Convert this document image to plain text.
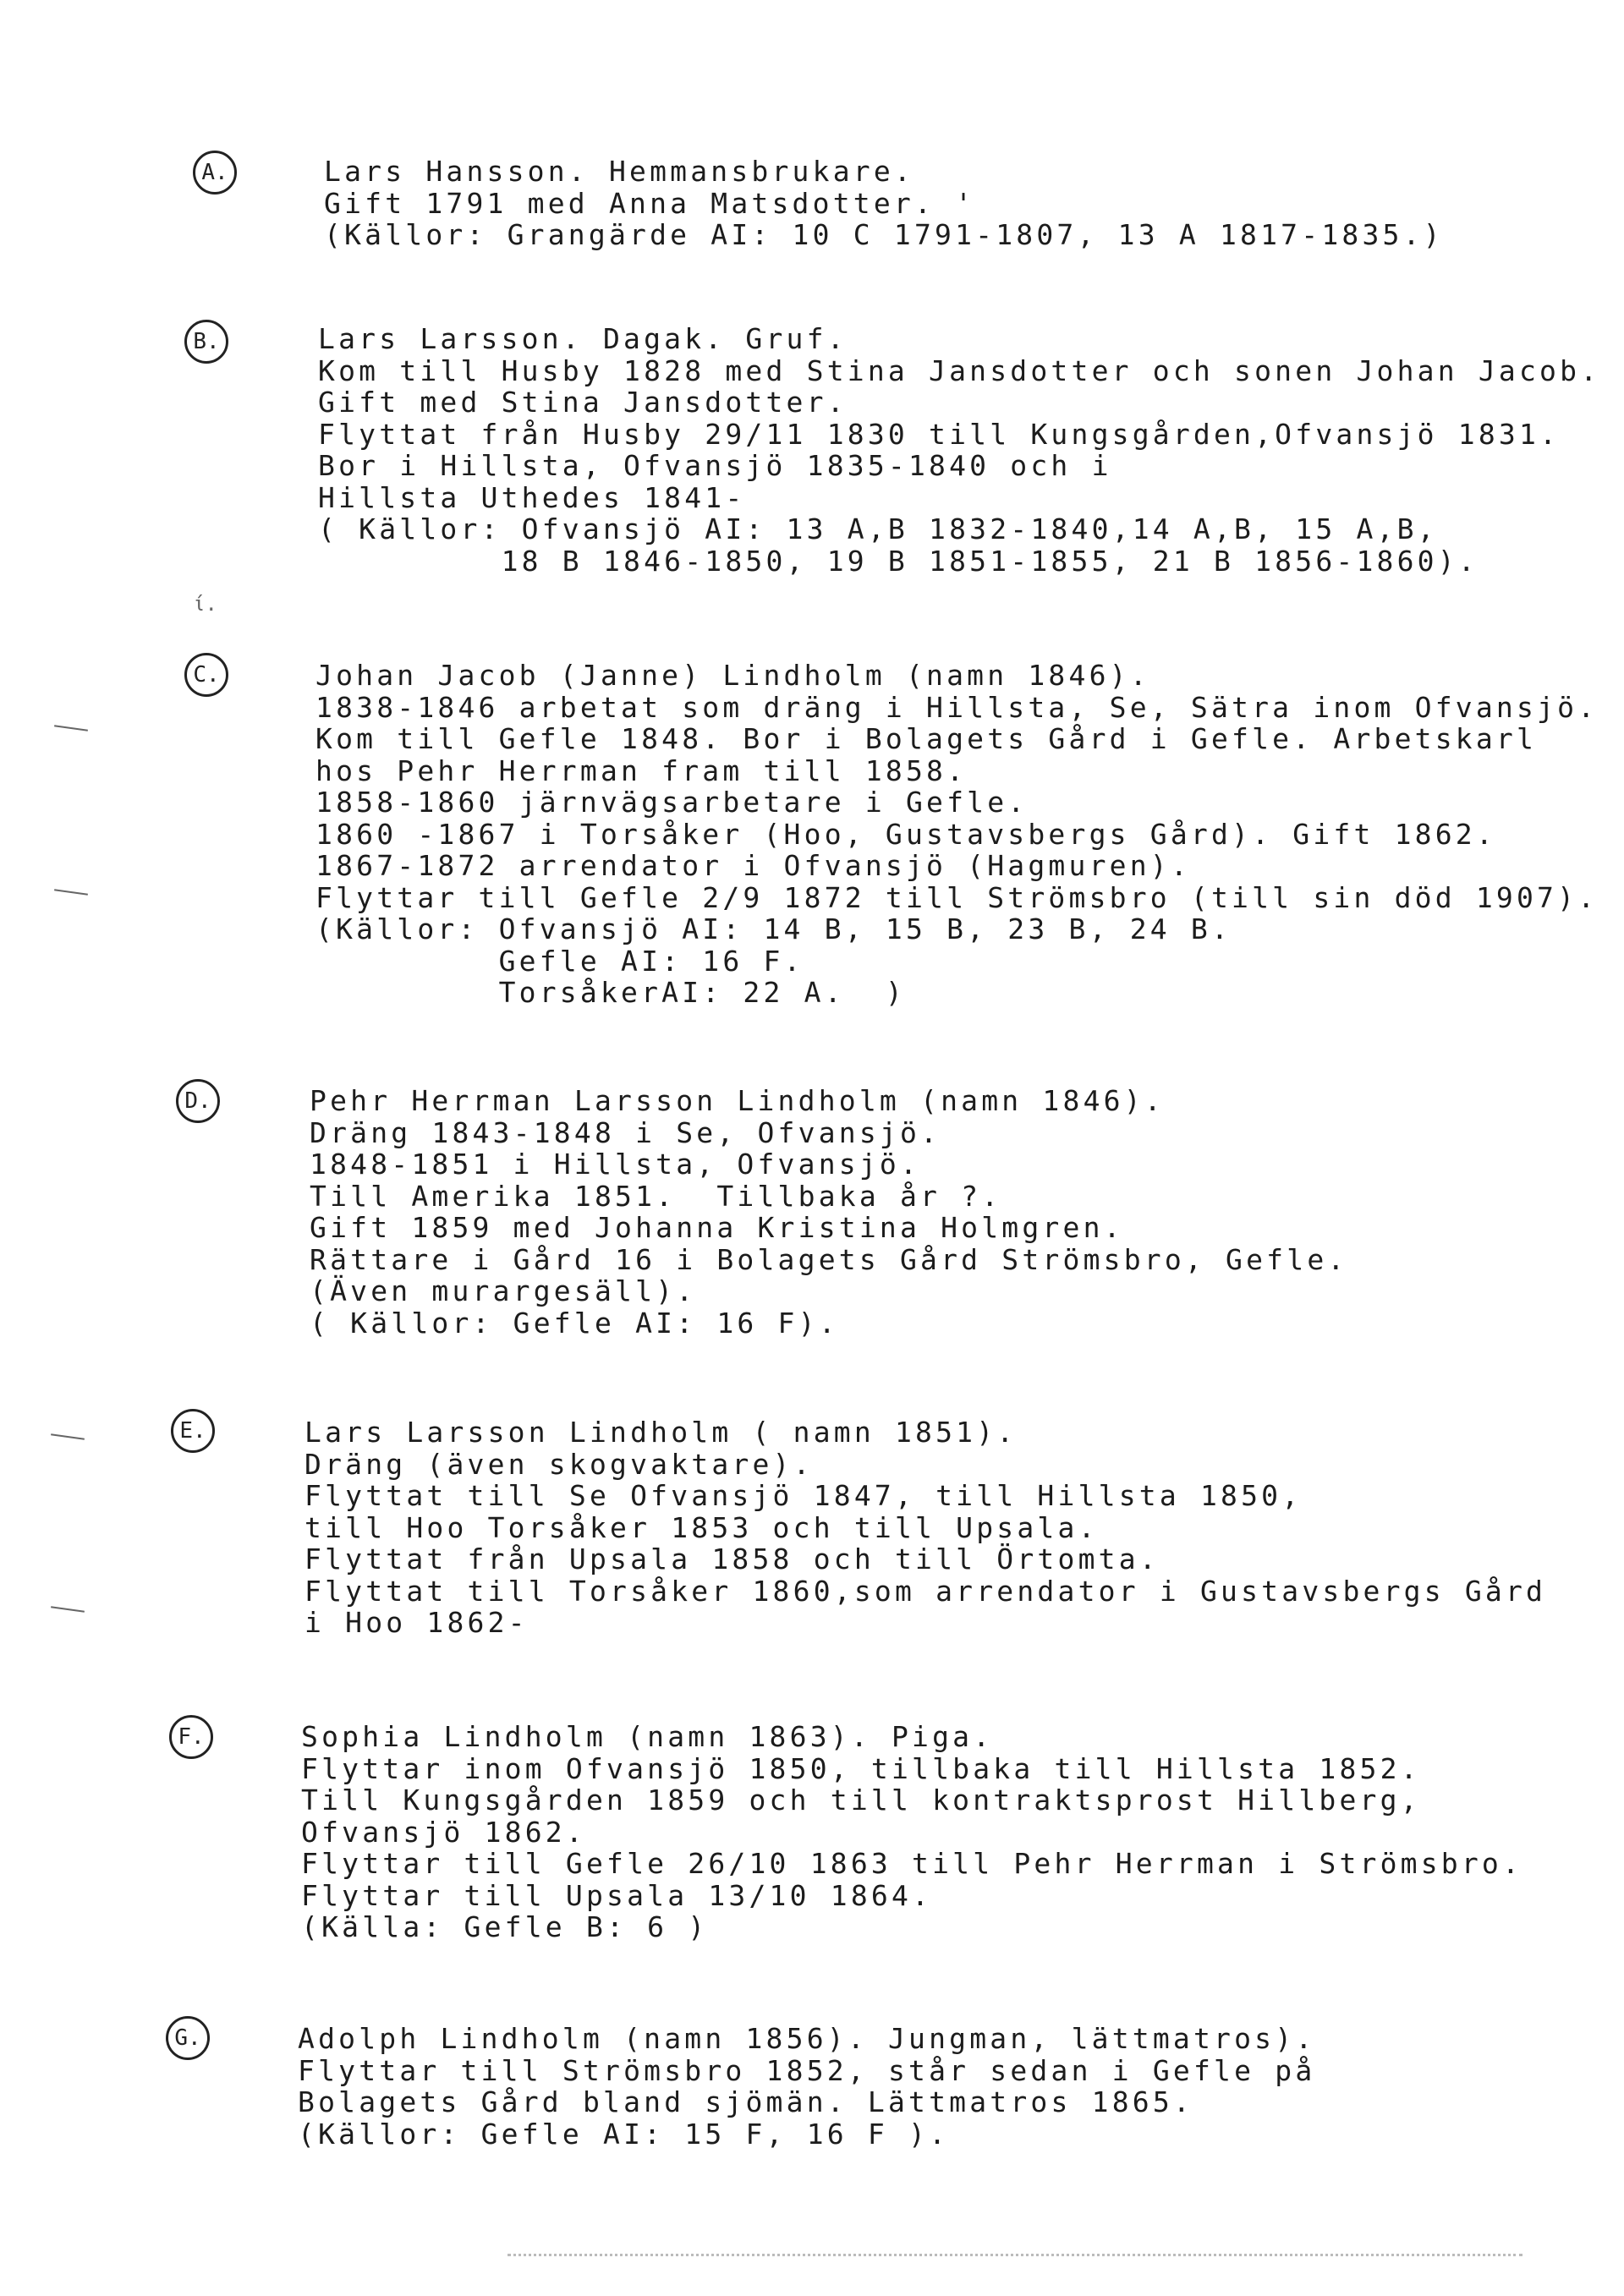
A.	Lars Hansson. Hemmansbrukare.
Gift 1791 med Anna Matsdotter. '
(Källor: Grangärde AI: 10 C 1791-1807, 13 A 1817-1835.)
B.	Lars Larsson. Dagak. Gruf.
Kom till Husby 1828 med Stina Jansdotter och sonen Johan Jacob.
Gift med Stina Jansdotter.
Flyttat från Husby 29/11 1830 till Kungsgården,Ofvansjö 1831.
Bor i Hillsta, Ofvansjö 1835-1840 och i
Hillsta Uthedes 1841-
( Källor: Ofvansjö AI: 13 A,B 1832-1840,14 A,B, 15 A,B,
18 B 1846-1850, 19 B 1851-1855, 21 B 1856-1860).
ί.
C.	Johan Jacob (Janne) Lindholm (namn 1846).
1838-1846 arbetat som dräng i Hillsta, Se, Sätra inom Ofvansjö.
Kom till Gefle 1848. Bor i Bolagets Gård i Gefle. Arbetskarl
hos Pehr Herrman fram till 1858.
1858-1860 järnvägsarbetare i Gefle.
1860 -1867 i Torsåker (Hoo, Gustavsbergs Gård). Gift 1862.
1867-1872 arrendator i Ofvansjö (Hagmuren).
Flyttar till Gefle 2/9 1872 till Strömsbro (till sin död 1907).
(Källor: Ofvansjö AI: 14 B, 15 B, 23 B, 24 B.
Gefle AI: 16 F.
TorsåkerAI: 22 A.  )
D.	Pehr Herrman Larsson Lindholm (namn 1846).
Dräng 1843-1848 i Se, Ofvansjö.
1848-1851 i Hillsta, Ofvansjö.
Till Amerika 1851.  Tillbaka år ?.
Gift 1859 med Johanna Kristina Holmgren.
Rättare i Gård 16 i Bolagets Gård Strömsbro, Gefle.
(Även murargesäll).
( Källor: Gefle AI: 16 F).
E.	Lars Larsson Lindholm ( namn 1851).
Dräng (även skogvaktare).
Flyttat till Se Ofvansjö 1847, till Hillsta 1850,
till Hoo Torsåker 1853 och till Upsala.
Flyttat från Upsala 1858 och till Örtomta.
Flyttat till Torsåker 1860,som arrendator i Gustavsbergs Gård
i Hoo 1862-
F.	Sophia Lindholm (namn 1863). Piga.
Flyttar inom Ofvansjö 1850, tillbaka till Hillsta 1852.
Till Kungsgården 1859 och till kontraktsprost Hillberg,
Ofvansjö 1862.
Flyttar till Gefle 26/10 1863 till Pehr Herrman i Strömsbro.
Flyttar till Upsala 13/10 1864.
(Källa: Gefle B: 6 )
G.	Adolph Lindholm (namn 1856). Jungman, lättmatros).
Flyttar till Strömsbro 1852, står sedan i Gefle på
Bolagets Gård bland sjömän. Lättmatros 1865.
(Källor: Gefle AI: 15 F, 16 F ).
